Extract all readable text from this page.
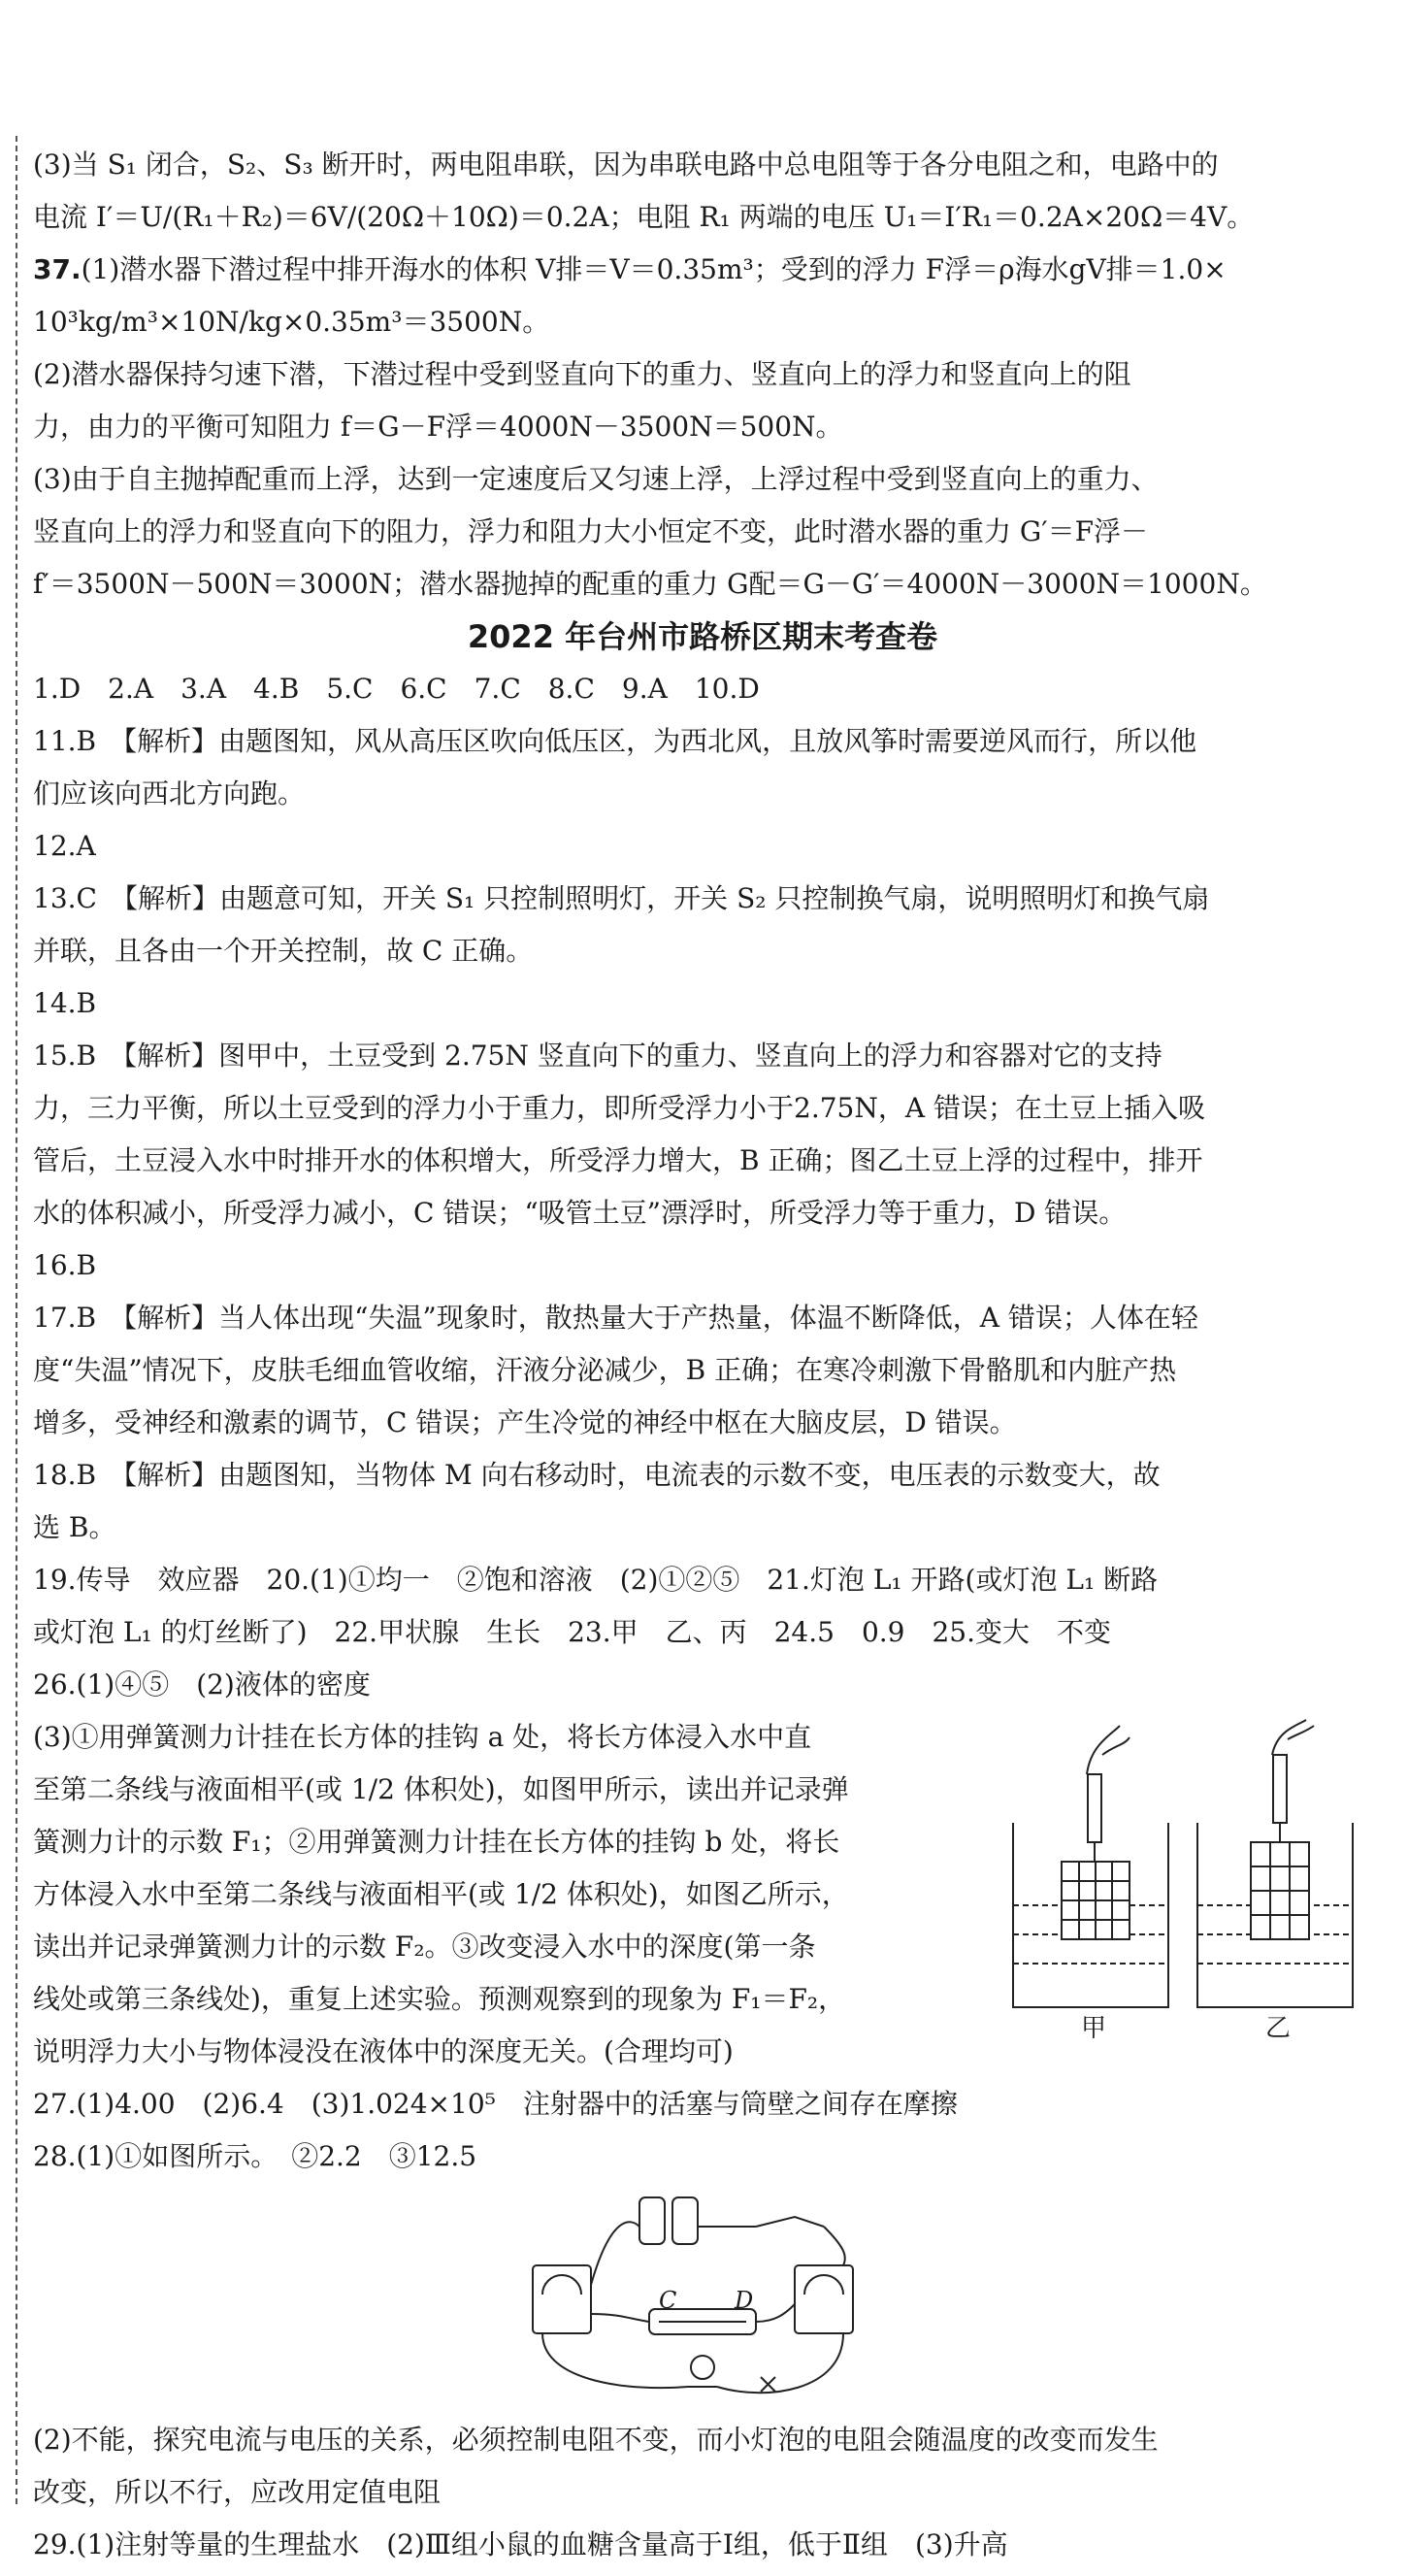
(3)当 S₁ 闭合，S₂、S₃ 断开时，两电阻串联，因为串联电路中总电阻等于各分电阻之和，电路中的

电流 I′＝U/(R₁＋R₂)＝6V/(20Ω＋10Ω)＝0.2A；电阻 R₁ 两端的电压 U₁＝I′R₁＝0.2A×20Ω＝4V。

37.(1)潜水器下潜过程中排开海水的体积 V排＝V＝0.35m³；受到的浮力 F浮＝ρ海水gV排＝1.0×

10³kg/m³×10N/kg×0.35m³＝3500N。

(2)潜水器保持匀速下潜，下潜过程中受到竖直向下的重力、竖直向上的浮力和竖直向上的阻

力，由力的平衡可知阻力 f＝G－F浮＝4000N－3500N＝500N。

(3)由于自主抛掉配重而上浮，达到一定速度后又匀速上浮，上浮过程中受到竖直向上的重力、

竖直向上的浮力和竖直向下的阻力，浮力和阻力大小恒定不变，此时潜水器的重力 G′＝F浮－

f′＝3500N－500N＝3000N；潜水器抛掉的配重的重力 G配＝G－G′＝4000N－3000N＝1000N。

2022 年台州市路桥区期末考查卷

1.D　2.A　3.A　4.B　5.C　6.C　7.C　8.C　9.A　10.D

11.B　【解析】由题图知，风从高压区吹向低压区，为西北风，且放风筝时需要逆风而行，所以他

们应该向西北方向跑。

12.A

13.C　【解析】由题意可知，开关 S₁ 只控制照明灯，开关 S₂ 只控制换气扇，说明照明灯和换气扇

并联，且各由一个开关控制，故 C 正确。

14.B

15.B　【解析】图甲中，土豆受到 2.75N 竖直向下的重力、竖直向上的浮力和容器对它的支持

力，三力平衡，所以土豆受到的浮力小于重力，即所受浮力小于2.75N，A 错误；在土豆上插入吸

管后，土豆浸入水中时排开水的体积增大，所受浮力增大，B 正确；图乙土豆上浮的过程中，排开

水的体积减小，所受浮力减小，C 错误；“吸管土豆”漂浮时，所受浮力等于重力，D 错误。

16.B

17.B　【解析】当人体出现“失温”现象时，散热量大于产热量，体温不断降低，A 错误；人体在轻

度“失温”情况下，皮肤毛细血管收缩，汗液分泌减少，B 正确；在寒冷刺激下骨骼肌和内脏产热

增多，受神经和激素的调节，C 错误；产生冷觉的神经中枢在大脑皮层，D 错误。

18.B　【解析】由题图知，当物体 M 向右移动时，电流表的示数不变，电压表的示数变大，故

选 B。

19.传导　效应器　20.(1)①均一　②饱和溶液　(2)①②⑤　21.灯泡 L₁ 开路(或灯泡 L₁ 断路

或灯泡 L₁ 的灯丝断了)　22.甲状腺　生长　23.甲　乙、丙　24.5　0.9　25.变大　不变

26.(1)④⑤　(2)液体的密度

(3)①用弹簧测力计挂在长方体的挂钩 a 处，将长方体浸入水中直

至第二条线与液面相平(或 1/2 体积处)，如图甲所示，读出并记录弹

簧测力计的示数 F₁；②用弹簧测力计挂在长方体的挂钩 b 处，将长

方体浸入水中至第二条线与液面相平(或 1/2 体积处)，如图乙所示，

读出并记录弹簧测力计的示数 F₂。③改变浸入水中的深度(第一条

线处或第三条线处)，重复上述实验。预测观察到的现象为 F₁＝F₂，

说明浮力大小与物体浸没在液体中的深度无关。(合理均可)

甲	乙

27.(1)4.00　(2)6.4　(3)1.024×10⁵　注射器中的活塞与筒壁之间存在摩擦

28.(1)①如图所示。　②2.2　③12.5

C D

(2)不能，探究电流与电压的关系，必须控制电阻不变，而小灯泡的电阻会随温度的改变而发生

改变，所以不行，应改用定值电阻

29.(1)注射等量的生理盐水　(2)Ⅲ组小鼠的血糖含量高于Ⅰ组，低于Ⅱ组　(3)升高
